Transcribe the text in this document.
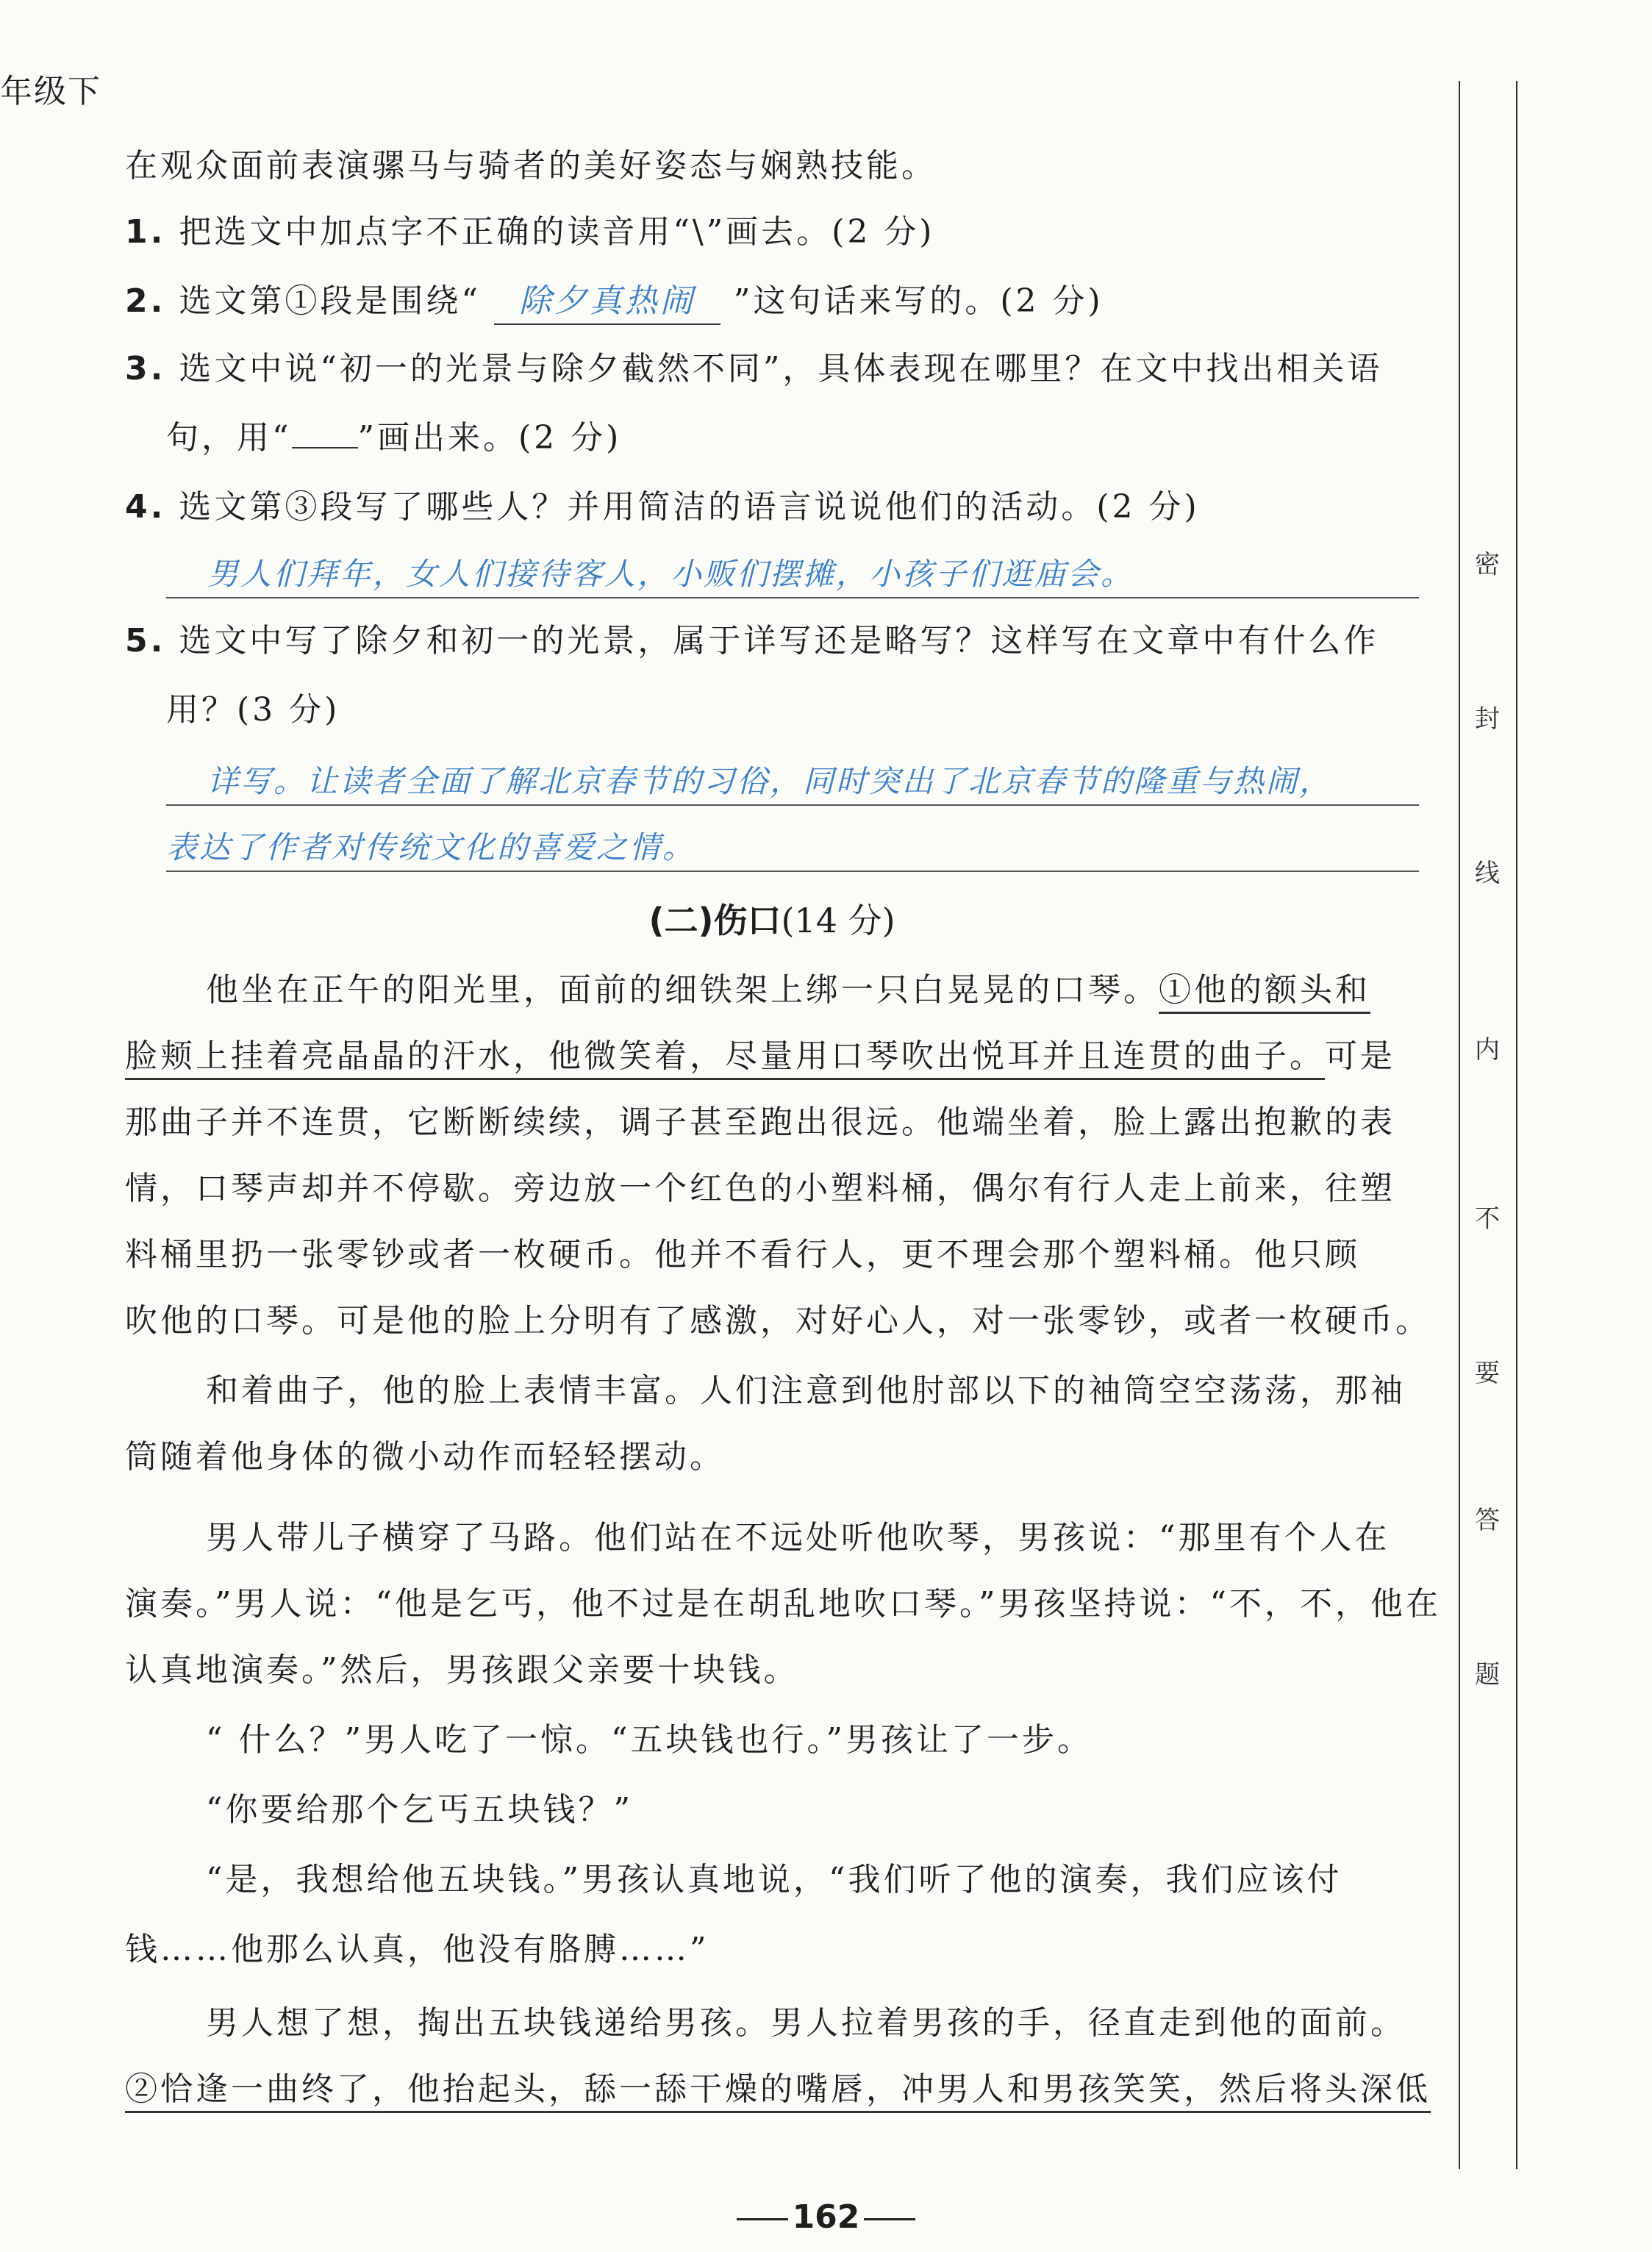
年级下
在观众面前表演骡马与骑者的美好姿态与娴熟技能。
1. 把选文中加点字不正确的读音用“\”画去。(2 分)
2. 选文第①段是围绕“ 除夕真热闹 ”这句话来写的。(2 分)
3. 选文中说“初一的光景与除夕截然不同”，具体表现在哪里？在文中找出相关语
句，用“ ”画出来。(2 分)
4. 选文第③段写了哪些人？并用简洁的语言说说他们的活动。(2 分)
男人们拜年，女人们接待客人，小贩们摆摊，小孩子们逛庙会。
5. 选文中写了除夕和初一的光景，属于详写还是略写？这样写在文章中有什么作
用？(3 分)
详写。让读者全面了解北京春节的习俗，同时突出了北京春节的隆重与热闹，
表达了作者对传统文化的喜爱之情。
(二)伤口(14 分)
他坐在正午的阳光里，面前的细铁架上绑一只白晃晃的口琴。①他的额头和
脸颊上挂着亮晶晶的汗水，他微笑着，尽量用口琴吹出悦耳并且连贯的曲子。可是
那曲子并不连贯，它断断续续，调子甚至跑出很远。他端坐着，脸上露出抱歉的表
情，口琴声却并不停歇。旁边放一个红色的小塑料桶，偶尔有行人走上前来，往塑
料桶里扔一张零钞或者一枚硬币。他并不看行人，更不理会那个塑料桶。他只顾
吹他的口琴。可是他的脸上分明有了感激，对好心人，对一张零钞，或者一枚硬币。
和着曲子，他的脸上表情丰富。人们注意到他肘部以下的袖筒空空荡荡，那袖
筒随着他身体的微小动作而轻轻摆动。
男人带儿子横穿了马路。他们站在不远处听他吹琴，男孩说：“那里有个人在
演奏。”男人说：“他是乞丐，他不过是在胡乱地吹口琴。”男孩坚持说：“不，不，他在
认真地演奏。”然后，男孩跟父亲要十块钱。
“ 什么？”男人吃了一惊。“五块钱也行。”男孩让了一步。
“你要给那个乞丐五块钱？”
“是，我想给他五块钱。”男孩认真地说，“我们听了他的演奏，我们应该付
钱……他那么认真，他没有胳膊……”
男人想了想，掏出五块钱递给男孩。男人拉着男孩的手，径直走到他的面前。
②恰逢一曲终了，他抬起头，舔一舔干燥的嘴唇，冲男人和男孩笑笑，然后将头深低
162
密
封
线
内
不
要
答
题
